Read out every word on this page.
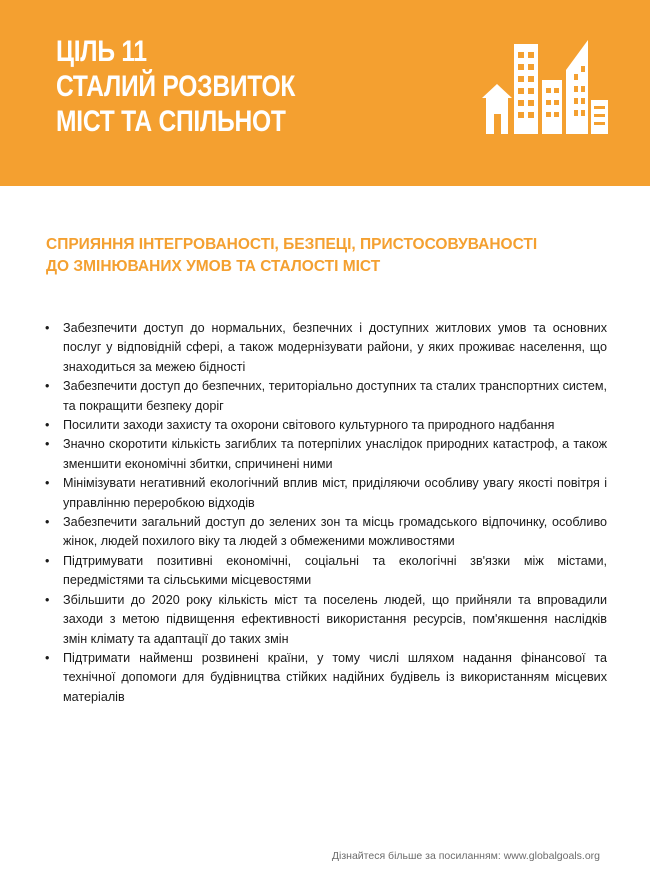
ЦІЛЬ 11
СТАЛИЙ РОЗВИТОК
МІСТ ТА СПІЛЬНОТ
СПРИЯННЯ ІНТЕГРОВАНОСТІ, БЕЗПЕЦІ, ПРИСТОСОВУВАНОСТІ
ДО ЗМІНЮВАНИХ УМОВ ТА СТАЛОСТІ МІСТ
• Забезпечити доступ до нормальних, безпечних і доступних житлових умов та основних послуг у відповідній сфері, а також модернізувати райони, у яких проживає населення, що знаходиться за межею бідності
• Забезпечити доступ до безпечних, територіально доступних та сталих транспортних систем, та покращити безпеку доріг
• Посилити заходи захисту та охорони світового культурного та природного надбання
• Значно скоротити кількість загиблих та потерпілих унаслідок природних катастроф, а також зменшити економічні збитки, спричинені ними
• Мінімізувати негативний екологічний вплив міст, приділяючи особливу увагу якості повітря і управлінню переробкою відходів
• Забезпечити загальний доступ до зелених зон та місць громадського відпочинку, особливо жінок, людей похилого віку та людей з обмеженими можливостями
• Підтримувати позитивні економічні, соціальні та екологічні зв'язки між містами, передмістями та сільськими місцевостями
• Збільшити до 2020 року кількість міст та поселень людей, що прийняли та впровадили заходи з метою підвищення ефективності використання ресурсів, пом'якшення наслідків змін клімату та адаптації до таких змін
• Підтримати найменш розвинені країни, у тому числі шляхом надання фінансової та технічної допомоги для будівництва стійких надійних будівель із використанням місцевих матеріалів
Дізнайтеся більше за посиланням: www.globalgoals.org
